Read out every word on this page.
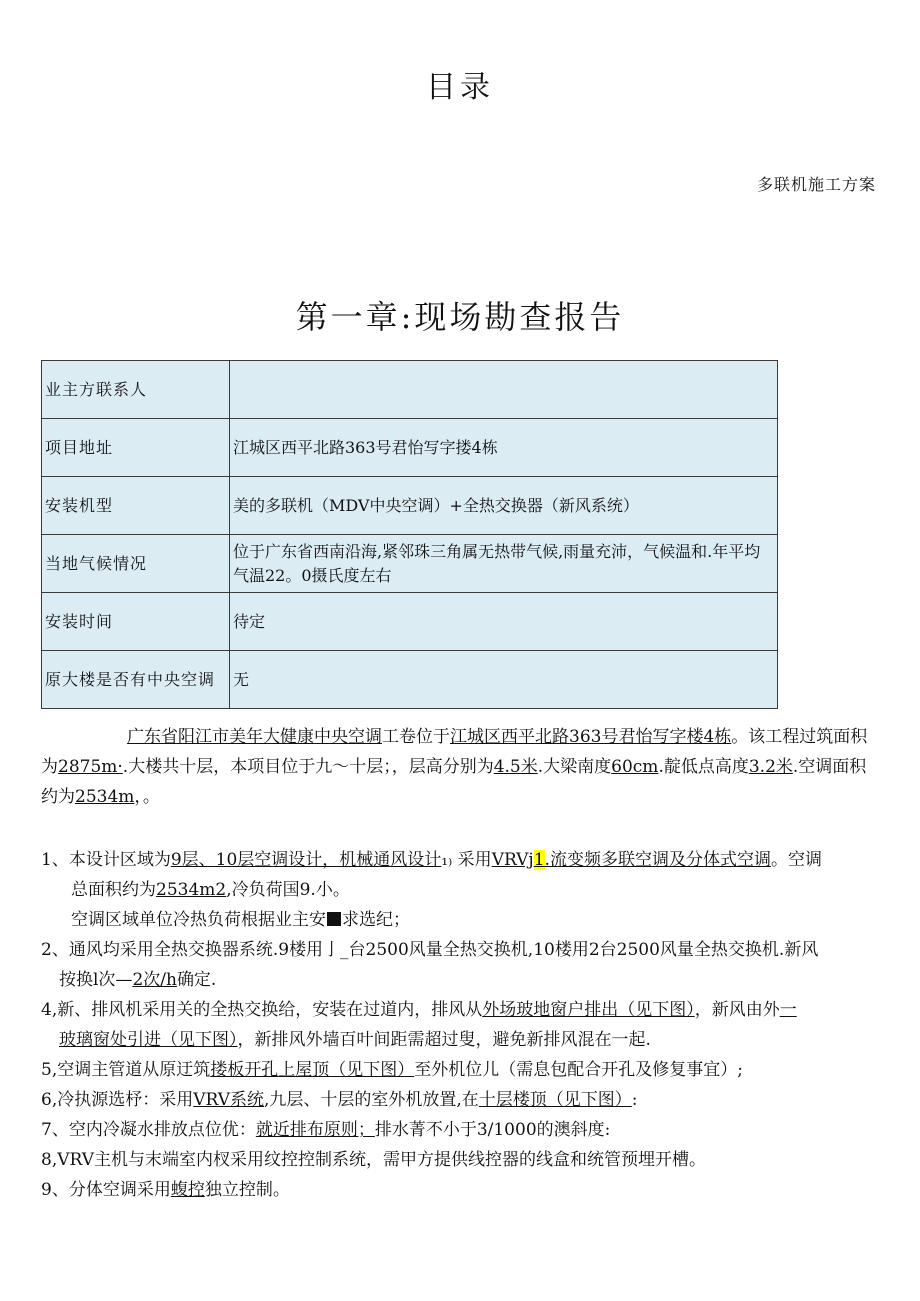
目录
多联机施工方案
第一章:现场勘查报告
业主方联系人	
项目地址	江城区西平北路363号君怡写字搂4栋
安装机型	美的多联机（MDV中央空调）+全热交换器（新风系统）
当地气候情况	位于广东省西南沿海,紧邻珠三角属无热带气候,雨量充沛，气候温和.年平均气温22。0摄氏度左右
安装时间	待定
原大楼是否有中央空调	无
广东省阳江市美年大健康中央空调工卷位于江城区西平北路363号君怡写字楼4栋。该工程过筑面积为2875m·.大楼共十层，本项目位于九～十层；，层高分别为4.5米.大梁南度60cm.靛低点高度3.2米.空调面积约为2534m，。
1、本设计区域为9层、10层空调设计，机械通风设计₁₎ 采用VRVj1.流变频多联空调及分体式空调。空调
总面积约为2534m2,冷负荷国9.小。
空调区域单位冷热负荷根据业主安 求选纪；
2、通风均采用全热交换器系统.9楼用亅_台2500风量全热交换机,10楼用2台2500风量全热交换机.新风
按换l次—2次/h确定.
4,新、排风机采用关的全热交换给，安装在过道内，排风从外场玻地窗户排出（见下图），新风由外一
玻璃窗处引进（见下图），新排风外墙百叶间距需超过叟，避免新排风混在一起.
5,空调主管道从原迂筑搂板开孔上屋顶（见下图）至外机位儿（需息包配合开孔及修复事宜）;
6,冷执源选杼：采用VRV系统,九层、十层的室外机放置,在十层楼顶（见下图）:
7、空内冷凝水排放点位优：就近排布原则；排水菁不小于3/1000的澳斜度:
8,VRV主机与末端室内杈采用纹控控制系统，需甲方提供线控器的线盒和统管预埋开槽。
9、分体空调采用蝮控独立控制。
